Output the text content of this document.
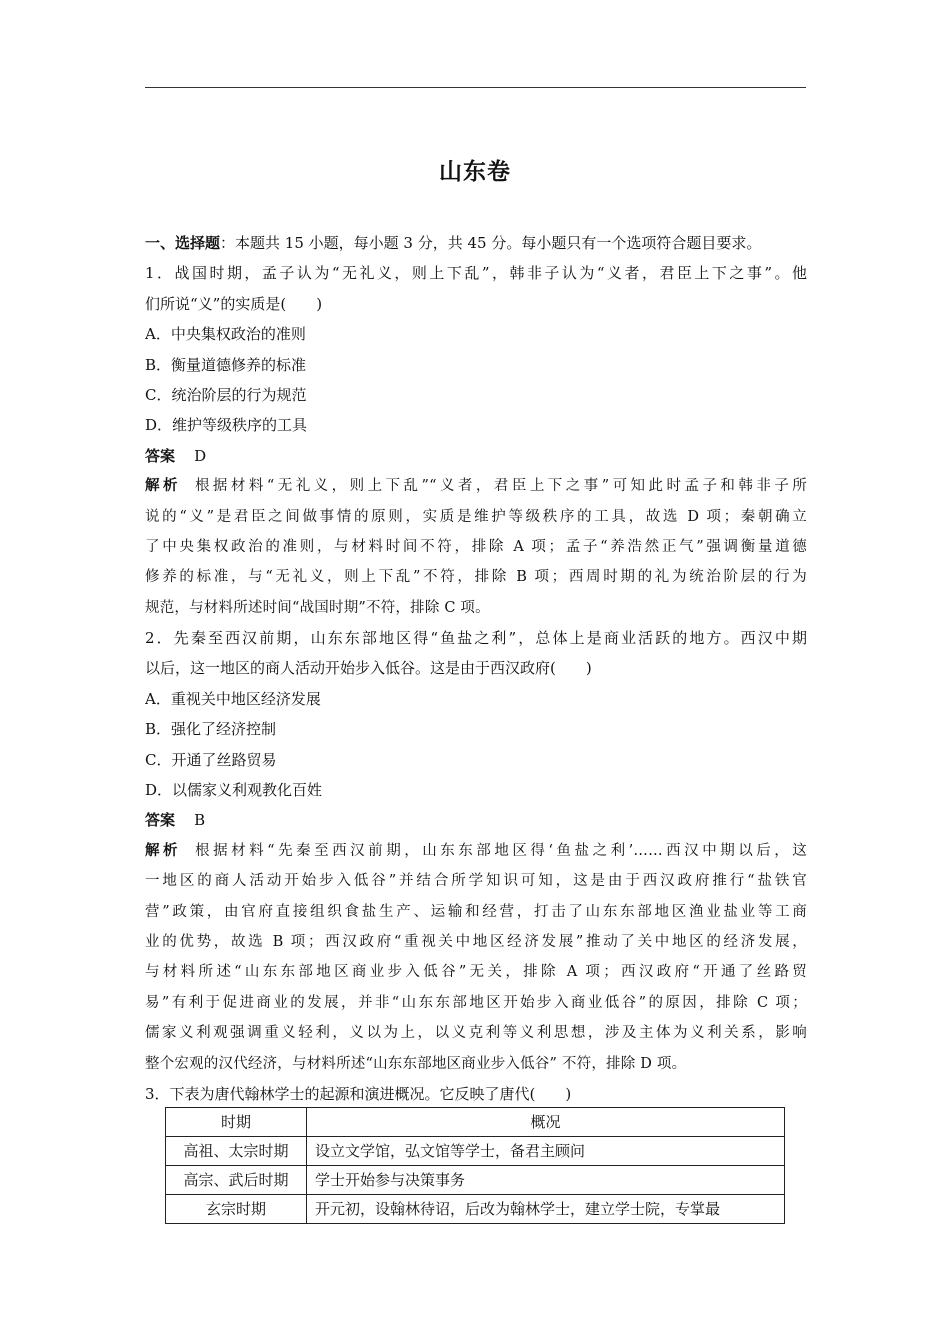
山东卷
一、选择题：本题共 15 小题，每小题 3 分，共 45 分。每小题只有一个选项符合题目要求。
1．战国时期，孟子认为“无礼义，则上下乱”，韩非子认为“义者，君臣上下之事”。他
们所说“义”的实质是(　　)
A．中央集权政治的准则
B．衡量道德修养的标准
C．统治阶层的行为规范
D．维护等级秩序的工具
答案 D
解析 根据材料“无礼义，则上下乱”“义者，君臣上下之事”可知此时孟子和韩非子所
说的“义”是君臣之间做事情的原则，实质是维护等级秩序的工具，故选 D 项；秦朝确立
了中央集权政治的准则，与材料时间不符，排除 A 项；孟子“养浩然正气”强调衡量道德
修养的标准，与“无礼义，则上下乱”不符，排除 B 项；西周时期的礼为统治阶层的行为
规范，与材料所述时间“战国时期”不符，排除 C 项。
2．先秦至西汉前期，山东东部地区得“鱼盐之利”，总体上是商业活跃的地方。西汉中期
以后，这一地区的商人活动开始步入低谷。这是由于西汉政府(　　)
A．重视关中地区经济发展
B．强化了经济控制
C．开通了丝路贸易
D．以儒家义利观教化百姓
答案 B
解析 根据材料“先秦至西汉前期，山东东部地区得‘鱼盐之利’……西汉中期以后，这
一地区的商人活动开始步入低谷”并结合所学知识可知，这是由于西汉政府推行“盐铁官
营”政策，由官府直接组织食盐生产、运输和经营，打击了山东东部地区渔业盐业等工商
业的优势，故选 B 项；西汉政府“重视关中地区经济发展”推动了关中地区的经济发展，
与材料所述“山东东部地区商业步入低谷”无关，排除 A 项；西汉政府“开通了丝路贸
易”有利于促进商业的发展，并非“山东东部地区开始步入商业低谷”的原因，排除 C 项；
儒家义利观强调重义轻利，义以为上，以义克利等义利思想，涉及主体为义利关系，影响
整个宏观的汉代经济，与材料所述“山东东部地区商业步入低谷” 不符，排除 D 项。
3．下表为唐代翰林学士的起源和演进概况。它反映了唐代(　　)
时期	概况
高祖、太宗时期	设立文学馆，弘文馆等学士，备君主顾问
高宗、武后时期	学士开始参与决策事务
玄宗时期	开元初，设翰林待诏，后改为翰林学士，建立学士院，专掌最
